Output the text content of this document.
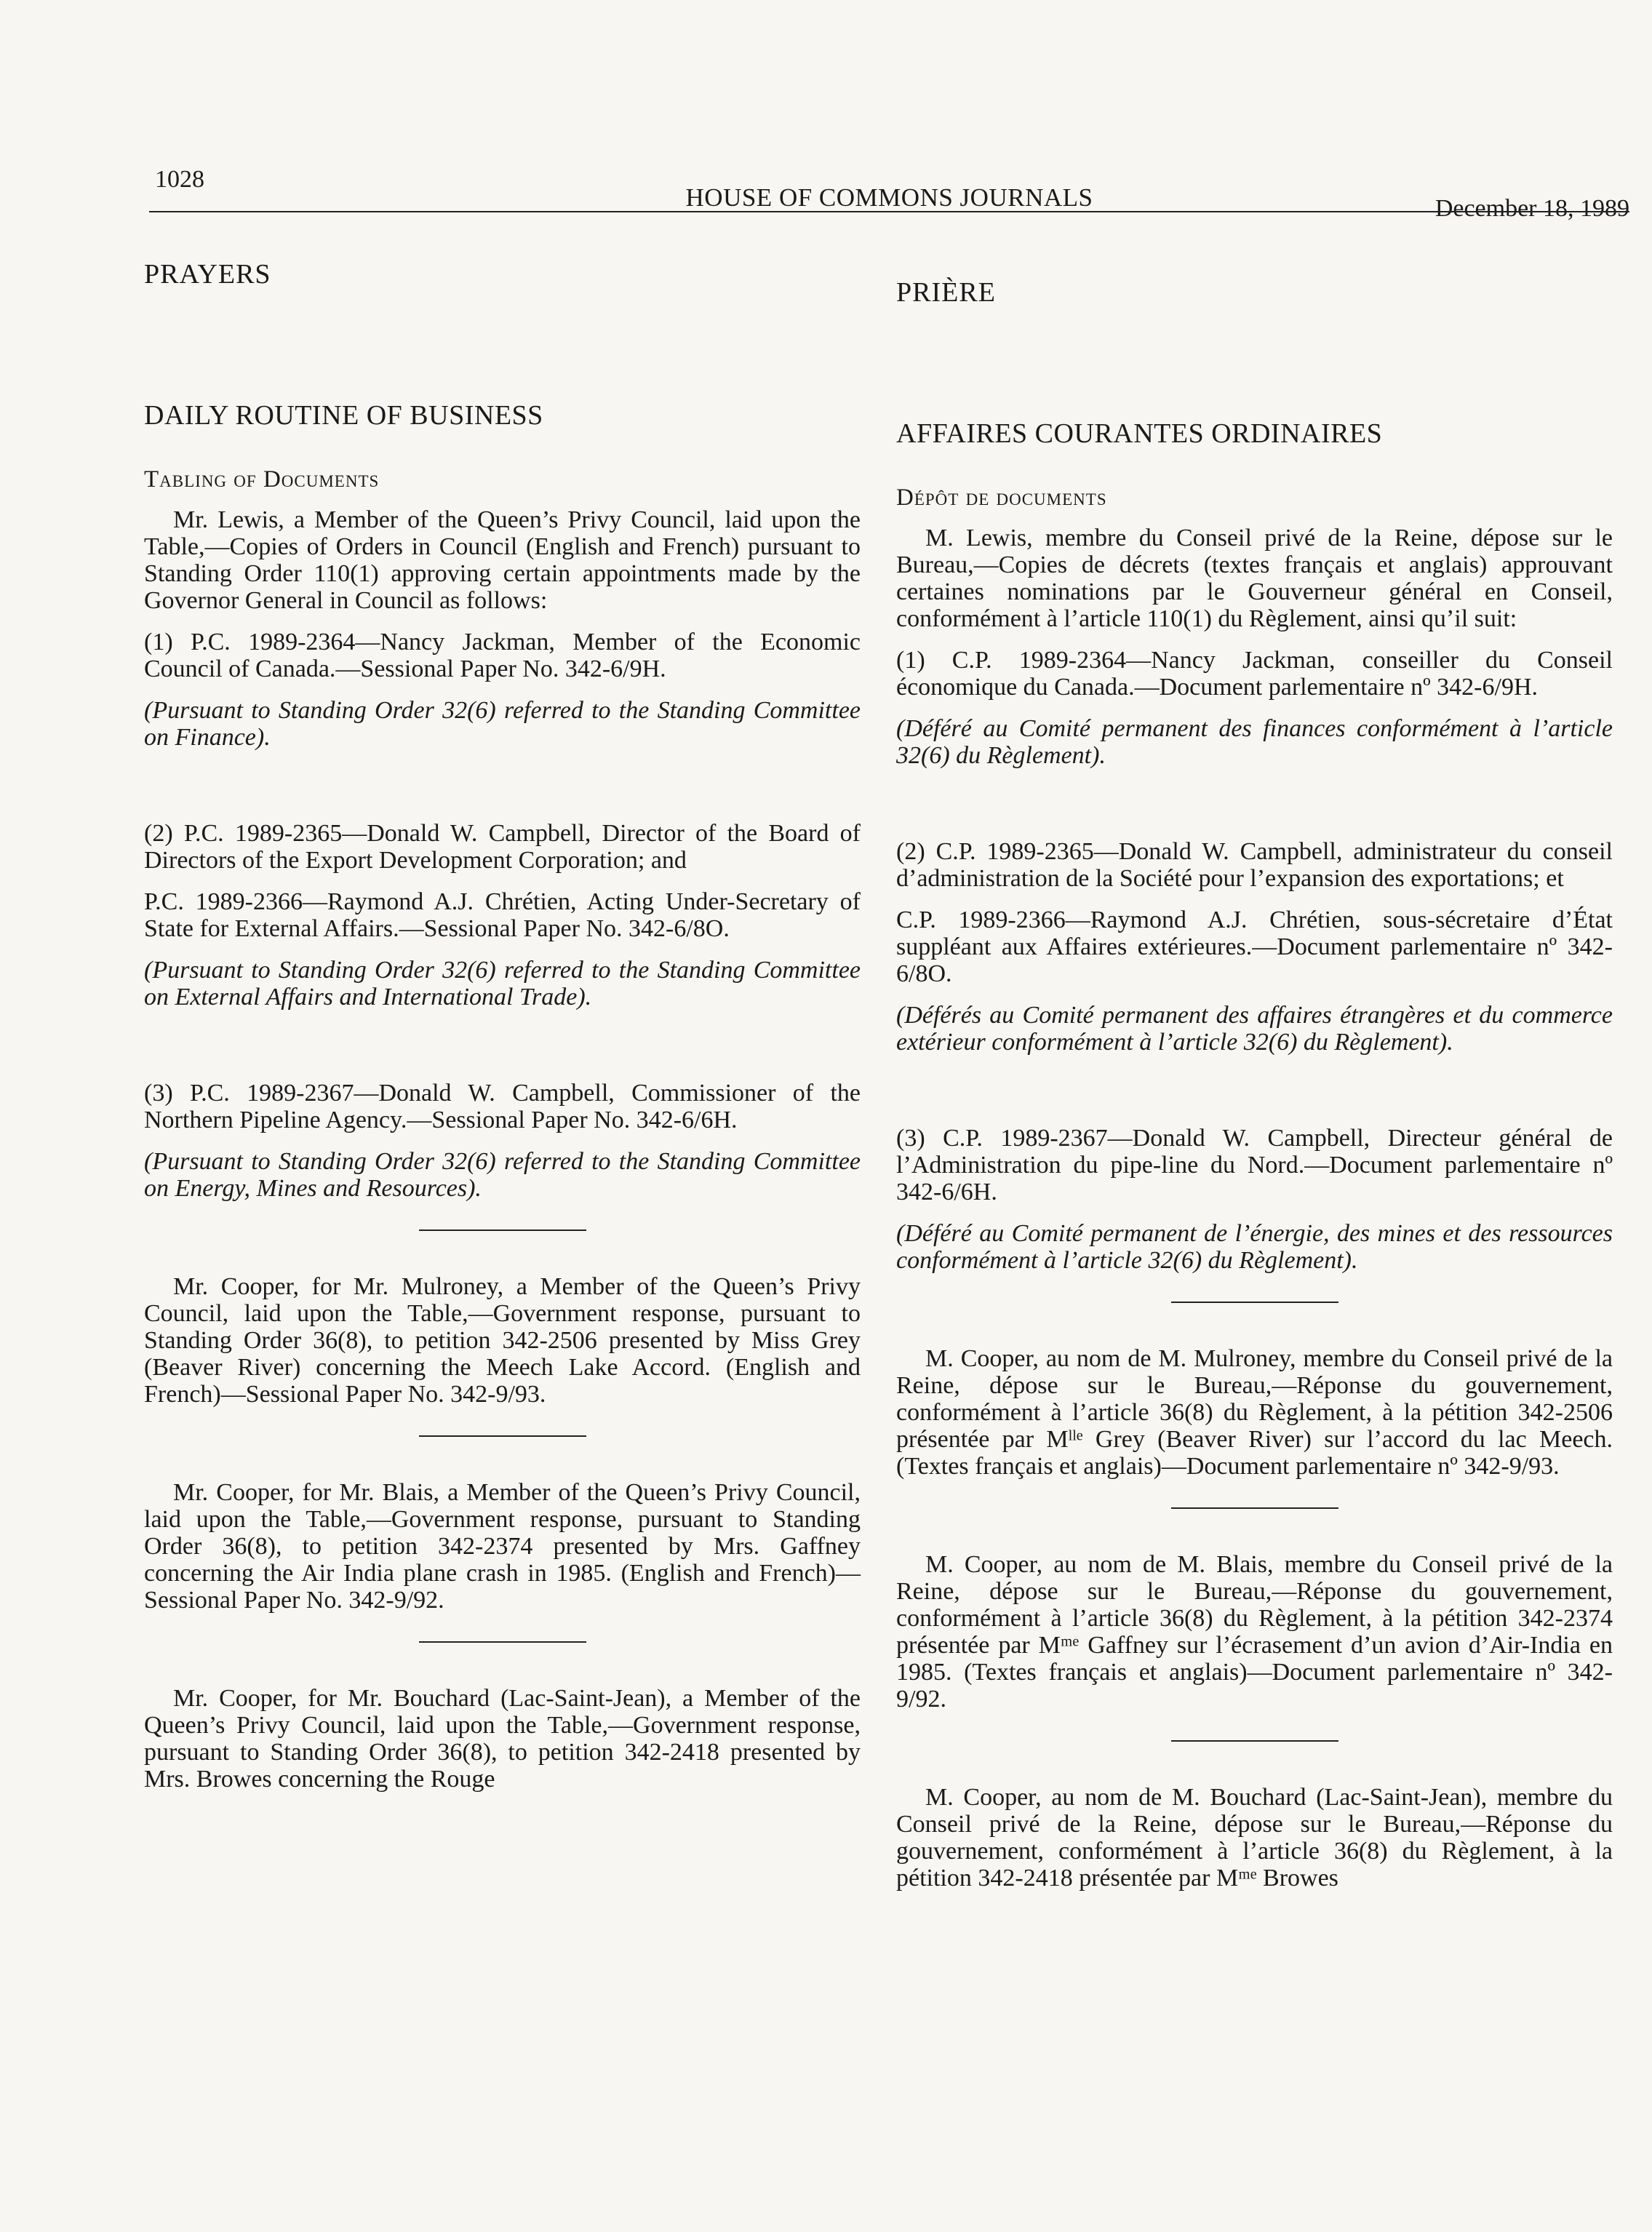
1028
HOUSE OF COMMONS JOURNALS	December 18, 1989
PRAYERS
DAILY ROUTINE OF BUSINESS
Tabling of Documents

Mr. Lewis, a Member of the Queen’s Privy Council, laid upon the Table,—Copies of Orders in Council (English and French) pursuant to Standing Order 110(1) approving certain appointments made by the Governor General in Council as follows:

(1) P.C. 1989-2364—Nancy Jackman, Member of the Economic Council of Canada.—Sessional Paper No. 342-6/9H.

(Pursuant to Standing Order 32(6) referred to the Standing Committee on Finance).

(2) P.C. 1989-2365—Donald W. Campbell, Director of the Board of Directors of the Export Development Corporation; and

P.C. 1989-2366—Raymond A.J. Chrétien, Acting Under-Secretary of State for External Affairs.—Sessional Paper No. 342-6/8O.

(Pursuant to Standing Order 32(6) referred to the Standing Committee on External Affairs and International Trade).

(3) P.C. 1989-2367—Donald W. Campbell, Commissioner of the Northern Pipeline Agency.—Sessional Paper No. 342-6/6H.

(Pursuant to Standing Order 32(6) referred to the Standing Committee on Energy, Mines and Resources).

Mr. Cooper, for Mr. Mulroney, a Member of the Queen’s Privy Council, laid upon the Table,—Government response, pursuant to Standing Order 36(8), to petition 342-2506 presented by Miss Grey (Beaver River) concerning the Meech Lake Accord. (English and French)—Sessional Paper No. 342-9/93.

Mr. Cooper, for Mr. Blais, a Member of the Queen’s Privy Council, laid upon the Table,—Government response, pursuant to Standing Order 36(8), to petition 342-2374 presented by Mrs. Gaffney concerning the Air India plane crash in 1985. (English and French)—Sessional Paper No. 342-9/92.

Mr. Cooper, for Mr. Bouchard (Lac-Saint-Jean), a Member of the Queen’s Privy Council, laid upon the Table,—Government response, pursuant to Standing Order 36(8), to petition 342-2418 presented by Mrs. Browes concerning the Rouge

PRIÈRE
AFFAIRES COURANTES ORDINAIRES
Dépôt de documents

M. Lewis, membre du Conseil privé de la Reine, dépose sur le Bureau,—Copies de décrets (textes français et anglais) approuvant certaines nominations par le Gouverneur général en Conseil, conformément à l’article 110(1) du Règlement, ainsi qu’il suit:

(1) C.P. 1989-2364—Nancy Jackman, conseiller du Conseil économique du Canada.—Document parlementaire nº 342-6/9H.

(Déféré au Comité permanent des finances conformément à l’article 32(6) du Règlement).

(2) C.P. 1989-2365—Donald W. Campbell, administrateur du conseil d’administration de la Société pour l’expansion des exportations; et

C.P. 1989-2366—Raymond A.J. Chrétien, sous-sécretaire d’État suppléant aux Affaires extérieures.—Document parlementaire nº 342-6/8O.

(Déférés au Comité permanent des affaires étrangères et du commerce extérieur conformément à l’article 32(6) du Règlement).

(3) C.P. 1989-2367—Donald W. Campbell, Directeur général de l’Administration du pipe-line du Nord.—Document parlementaire nº 342-6/6H.

(Déféré au Comité permanent de l’énergie, des mines et des ressources conformément à l’article 32(6) du Règlement).

M. Cooper, au nom de M. Mulroney, membre du Conseil privé de la Reine, dépose sur le Bureau,—Réponse du gouvernement, conformément à l’article 36(8) du Règlement, à la pétition 342-2506 présentée par Mˡˡᵉ Grey (Beaver River) sur l’accord du lac Meech. (Textes français et anglais)—Document parlementaire nº 342-9/93.

M. Cooper, au nom de M. Blais, membre du Conseil privé de la Reine, dépose sur le Bureau,—Réponse du gouvernement, conformément à l’article 36(8) du Règlement, à la pétition 342-2374 présentée par Mᵐᵉ Gaffney sur l’écrasement d’un avion d’Air-India en 1985. (Textes français et anglais)—Document parlementaire nº 342-9/92.

M. Cooper, au nom de M. Bouchard (Lac-Saint-Jean), membre du Conseil privé de la Reine, dépose sur le Bureau,—Réponse du gouvernement, conformément à l’article 36(8) du Règlement, à la pétition 342-2418 présentée par Mᵐᵉ Browes
